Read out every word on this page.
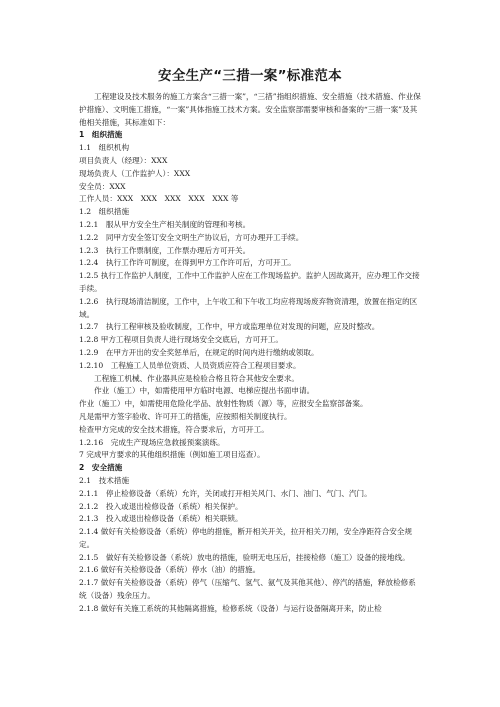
安全生产“三措一案”标准范本

工程建设及技术服务的施工方案含“三措一案”，“三措”指组织措施、安全措施（技术措施、作业保护措施）、文明施工措施，“一案”具体指施工技术方案。安全监察部需要审核和备案的“三措一案”及其他相关措施，其标准如下：

1　组织措施

1.1　组织机构

项目负责人（经理）：XXX

现场负责人（工作监护人）：XXX

安全员：XXX

工作人员：XXX　XXX　XXX　XXX　XXX 等

1.2　组织措施

1.2.1　服从甲方安全生产相关制度的管理和考核。

1.2.2　同甲方安全签订安全文明生产协议后，方可办理开工手续。

1.2.3　执行工作票制度，工作票办理后方可开关。

1.2.4　执行工作许可制度，在得到甲方工作许可后，方可开工。

1.2.5 执行工作监护人制度，工作中工作监护人应在工作现场监护。监护人因故离开，应办理工作交接手续。

1.2.6　执行现场清洁制度，工作中，上午收工和下午收工均应将现场废弃物资清理，放置在指定的区域。

1.2.7　执行工程审核及验收制度，工作中，甲方或监理单位对发现的问题，应及时整改。

1.2.8 甲方工程项目负责人进行现场安全交底后，方可开工。

1.2.9　在甲方开出的安全奖惩单后，在规定的时间内进行缴纳或领取。

1.2.10　工程施工人员单位资质、人员资质应符合工程项目要求。

工程施工机械、作业器具应是检验合格且符合其他安全要求。

作业（施工）中，如需使用甲方临时电源、电梯应提出书面申请。

作业（施工）中，如需使用危险化学品、放射性物质（源）等，应报安全监察部备案。

凡是需甲方签字验收、许可开工的措施，应按照相关制度执行。

检查甲方完成的安全技术措施，符合要求后，方可开工。

1.2.16　完成生产现场应急救援预案演练。

7 完成甲方要求的其他组织措施（例如施工项目巡查）。

2　安全措施

2.1　技术措施

2.1.1　停止检修设备（系统）允许，关闭或打开相关风门、水门、油门、气门、汽门。

2.1.2　投入或退出检修设备（系统）相关保护。

2.1.3　投入或退出检修设备（系统）相关联锁。

2.1.4 做好有关检修设备（系统）停电的措施，断开相关开关，拉开相关刀闸，安全净距符合安全规定。

2.1.5　做好有关检修设备（系统）放电的措施，验明无电压后，挂接检修（施工）设备的接地线。

2.1.6 做好有关检修设备（系统）停水（油）的措施。

2.1.7 做好有关检修设备（系统）停气（压缩气、氢气、氨气及其他其他）、停汽的措施，释放检修系统（设备）残余压力。

2.1.8 做好有关施工系统的其他隔离措施，检修系统（设备）与运行设备隔离开来，防止检
